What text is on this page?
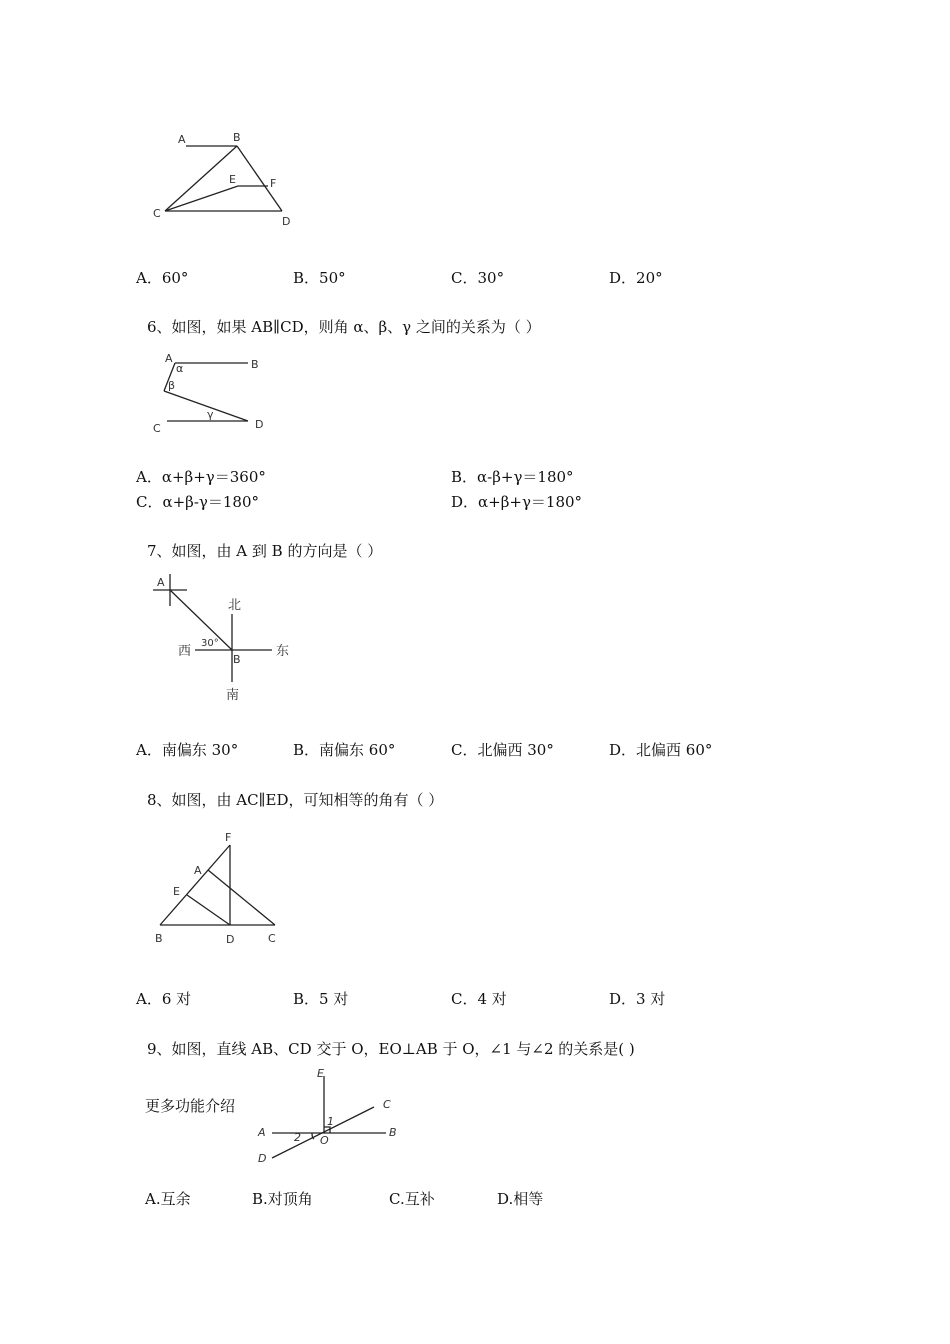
A	B
E	F
C
D
A．60°	B．50°	C．30°	D．20°
6、如图，如果 AB∥CD，则角 α、β、γ 之间的关系为（ ）
A	B
α
β
γ
C	D
A．α+β+γ＝360°	B．α-β+γ＝180°
C．α+β-γ＝180°	D．α+β+γ＝180°
7、如图，由 A 到 B 的方向是（ ）
A
北
30°
西
B
东
南
A．南偏东 30°	B．南偏东 60°	C．北偏西 30°	D．北偏西 60°
8、如图，由 AC∥ED，可知相等的角有（ ）
F
A
E
B	D	C
A．6 对	B．5 对	C．4 对	D．3 对
9、如图，直线 AB、CD 交于 O，EO⊥AB 于 O，∠1 与∠2 的关系是( )
更多功能介绍
E
C
1
A	B
2 O
D
A.互余	B.对顶角	C.互补	D.相等
